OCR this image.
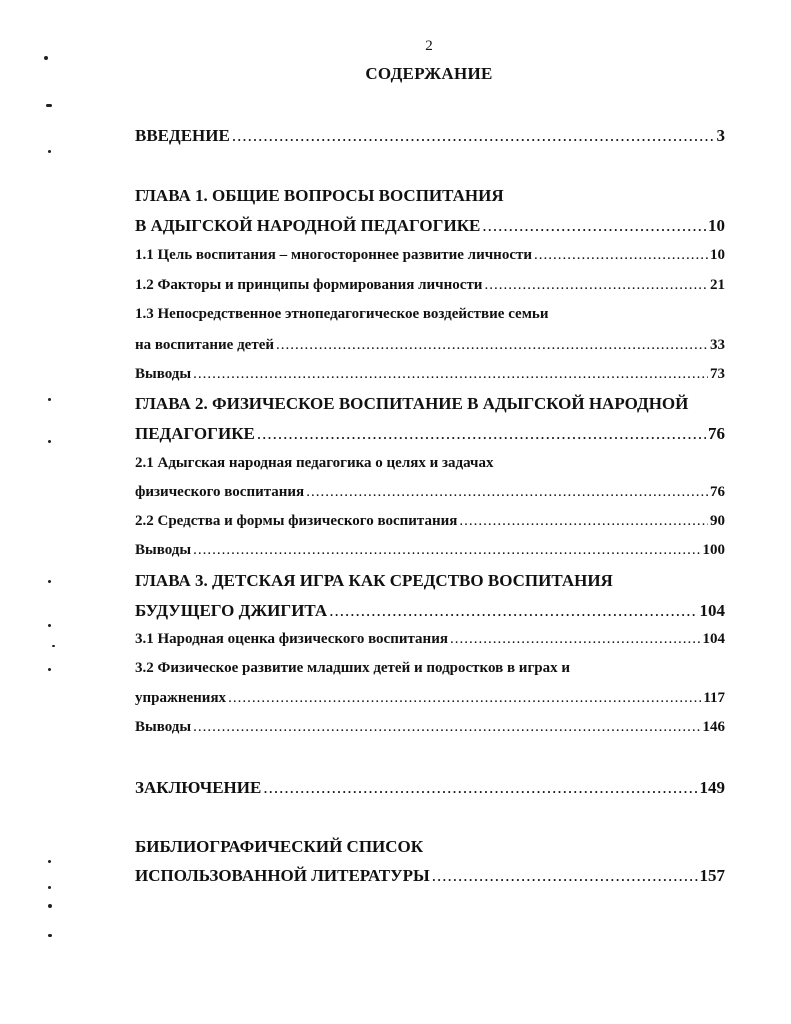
2
СОДЕРЖАНИЕ
ВВЕДЕНИЕ .....	3
ГЛАВА 1. ОБЩИЕ ВОПРОСЫ ВОСПИТАНИЯ
В АДЫГСКОЙ НАРОДНОЙ ПЕДАГОГИКЕ .....	10
1.1 Цель воспитания – многостороннее развитие личности .....	10
1.2 Факторы и принципы формирования личности .....	21
1.3 Непосредственное этнопедагогическое воздействие семьи
на воспитание детей .....	33
Выводы .....	73
ГЛАВА 2. ФИЗИЧЕСКОЕ ВОСПИТАНИЕ В АДЫГСКОЙ НАРОДНОЙ
ПЕДАГОГИКЕ .....	76
2.1 Адыгская народная педагогика о целях и задачах
физического воспитания .....	76
2.2 Средства и формы физического воспитания .....	90
Выводы .....	100
ГЛАВА 3. ДЕТСКАЯ ИГРА КАК СРЕДСТВО ВОСПИТАНИЯ
БУДУЩЕГО ДЖИГИТА .....	104
3.1 Народная оценка физического воспитания .....	104
3.2 Физическое развитие младших детей и подростков в играх и
упражнениях .....	117
Выводы .....	146
ЗАКЛЮЧЕНИЕ .....	149
БИБЛИОГРАФИЧЕСКИЙ СПИСОК
ИСПОЛЬЗОВАННОЙ ЛИТЕРАТУРЫ .....	157
